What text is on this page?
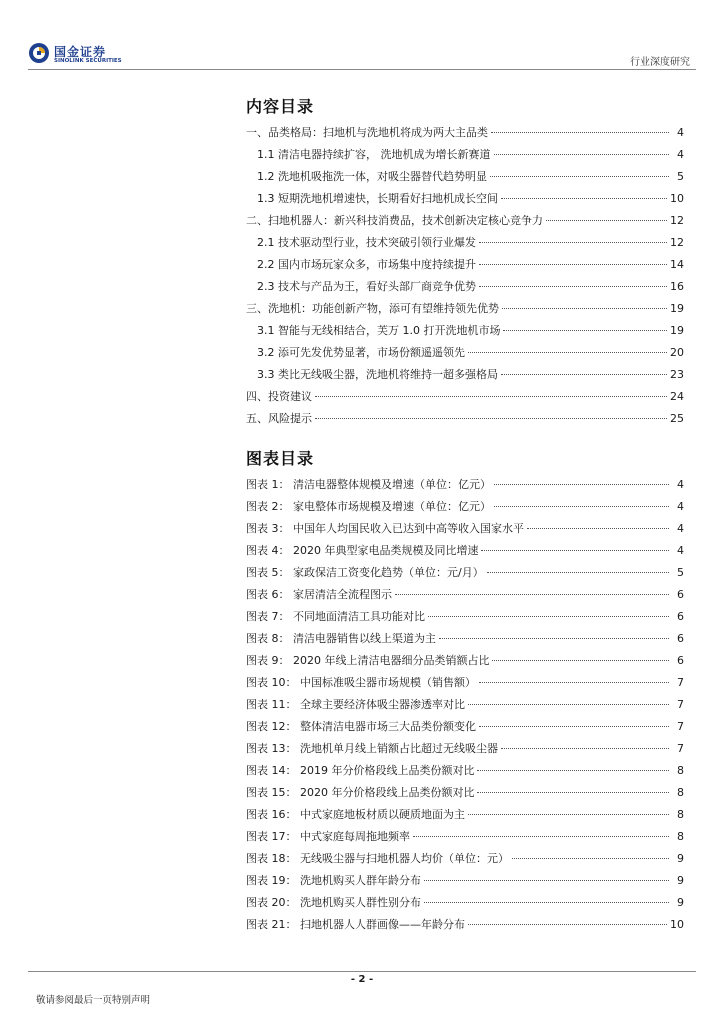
国金证券
SINOLINK SECURITIES	行业深度研究
内容目录
一、品类格局：扫地机与洗地机将成为两大主品类	4
1.1 清洁电器持续扩容， 洗地机成为增长新赛道	4
1.2 洗地机吸拖洗一体，对吸尘器替代趋势明显	5
1.3 短期洗地机增速快，长期看好扫地机成长空间	10
二、扫地机器人：新兴科技消费品，技术创新决定核心竞争力	12
2.1 技术驱动型行业，技术突破引领行业爆发	12
2.2 国内市场玩家众多，市场集中度持续提升	14
2.3 技术与产品为王，看好头部厂商竞争优势	16
三、洗地机：功能创新产物，添可有望维持领先优势	19
3.1 智能与无线相结合，芙万 1.0 打开洗地机市场	19
3.2 添可先发优势显著，市场份额遥遥领先	20
3.3 类比无线吸尘器，洗地机将维持一超多强格局	23
四、投资建议	24
五、风险提示	25
图表目录
图表 1： 清洁电器整体规模及增速（单位：亿元）	4
图表 2： 家电整体市场规模及增速（单位：亿元）	4
图表 3： 中国年人均国民收入已达到中高等收入国家水平	4
图表 4： 2020 年典型家电品类规模及同比增速	4
图表 5： 家政保洁工资变化趋势（单位：元/月）	5
图表 6： 家居清洁全流程图示	6
图表 7： 不同地面清洁工具功能对比	6
图表 8： 清洁电器销售以线上渠道为主	6
图表 9： 2020 年线上清洁电器细分品类销额占比	6
图表 10： 中国标准吸尘器市场规模（销售额）	7
图表 11： 全球主要经济体吸尘器渗透率对比	7
图表 12： 整体清洁电器市场三大品类份额变化	7
图表 13： 洗地机单月线上销额占比超过无线吸尘器	7
图表 14： 2019 年分价格段线上品类份额对比	8
图表 15： 2020 年分价格段线上品类份额对比	8
图表 16： 中式家庭地板材质以硬质地面为主	8
图表 17： 中式家庭每周拖地频率	8
图表 18： 无线吸尘器与扫地机器人均价（单位：元）	9
图表 19： 洗地机购买人群年龄分布	9
图表 20： 洗地机购买人群性别分布	9
图表 21： 扫地机器人人群画像——年龄分布	10
- 2 -
敬请参阅最后一页特别声明
